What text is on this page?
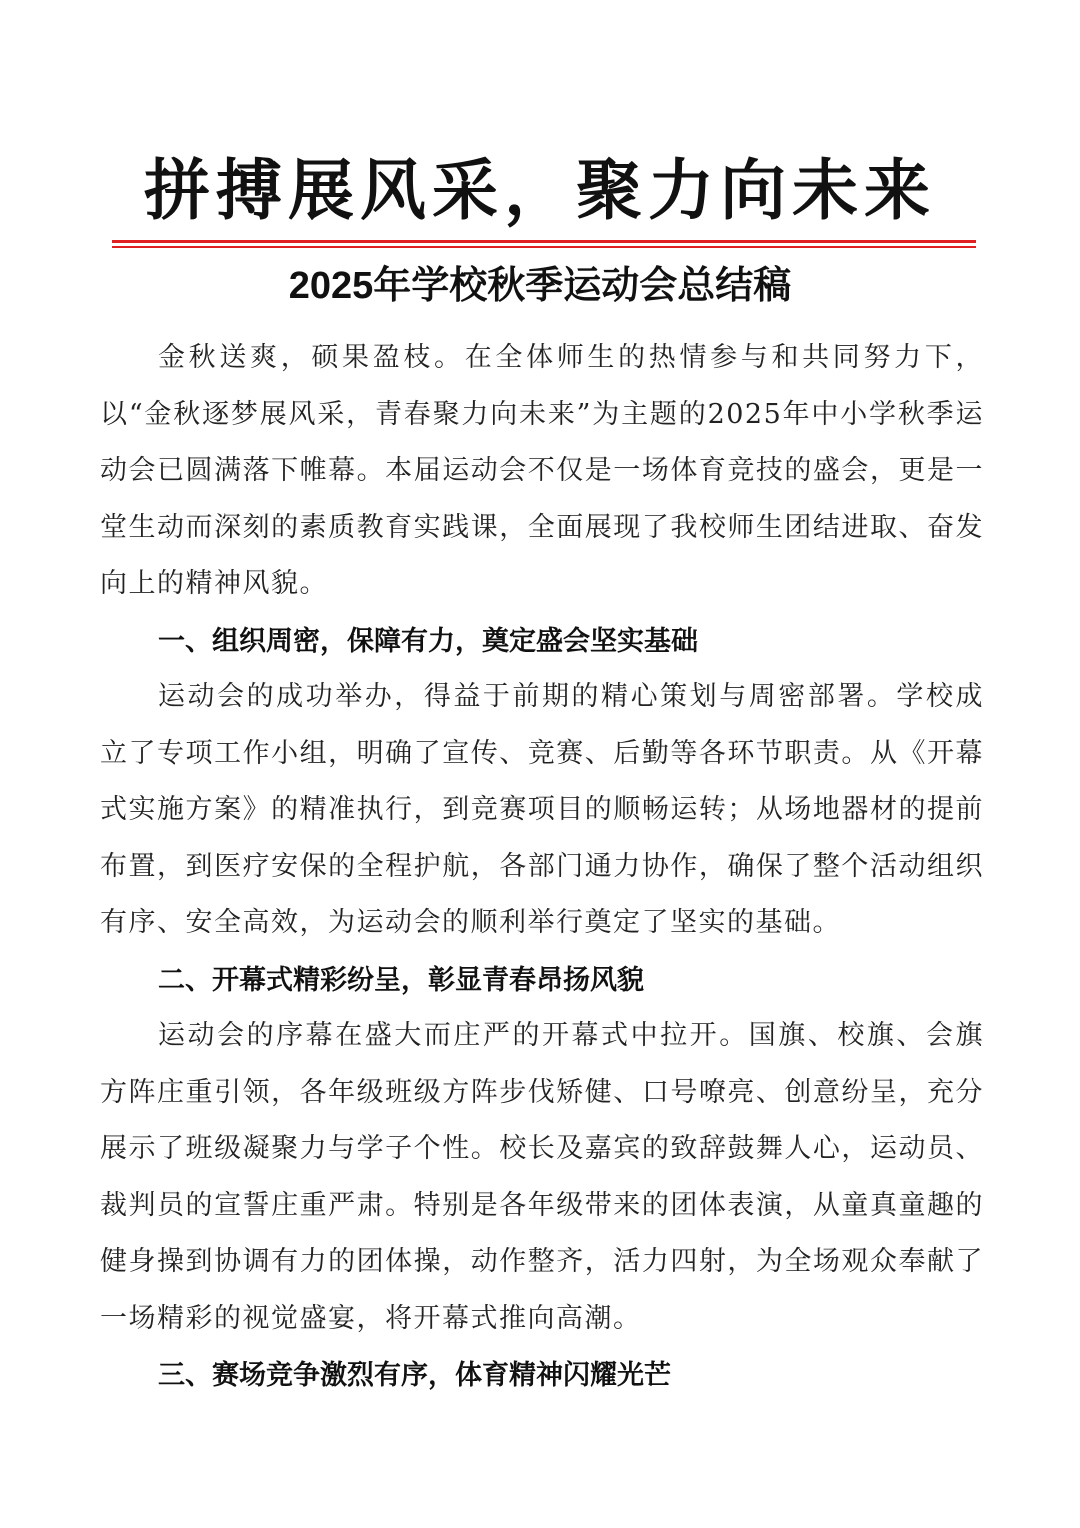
拼搏展风采，聚力向未来
2025年学校秋季运动会总结稿

金秋送爽，硕果盈枝。在全体师生的热情参与和共同努力下，以“金秋逐梦展风采，青春聚力向未来”为主题的2025年中小学秋季运动会已圆满落下帷幕。本届运动会不仅是一场体育竞技的盛会，更是一堂生动而深刻的素质教育实践课，全面展现了我校师生团结进取、奋发向上的精神风貌。

一、组织周密，保障有力，奠定盛会坚实基础

运动会的成功举办，得益于前期的精心策划与周密部署。学校成立了专项工作小组，明确了宣传、竞赛、后勤等各环节职责。从《开幕式实施方案》的精准执行，到竞赛项目的顺畅运转；从场地器材的提前布置，到医疗安保的全程护航，各部门通力协作，确保了整个活动组织有序、安全高效，为运动会的顺利举行奠定了坚实的基础。

二、开幕式精彩纷呈，彰显青春昂扬风貌

运动会的序幕在盛大而庄严的开幕式中拉开。国旗、校旗、会旗方阵庄重引领，各年级班级方阵步伐矫健、口号嘹亮、创意纷呈，充分展示了班级凝聚力与学子个性。校长及嘉宾的致辞鼓舞人心，运动员、裁判员的宣誓庄重严肃。特别是各年级带来的团体表演，从童真童趣的健身操到协调有力的团体操，动作整齐，活力四射，为全场观众奉献了一场精彩的视觉盛宴，将开幕式推向高潮。

三、赛场竞争激烈有序，体育精神闪耀光芒
